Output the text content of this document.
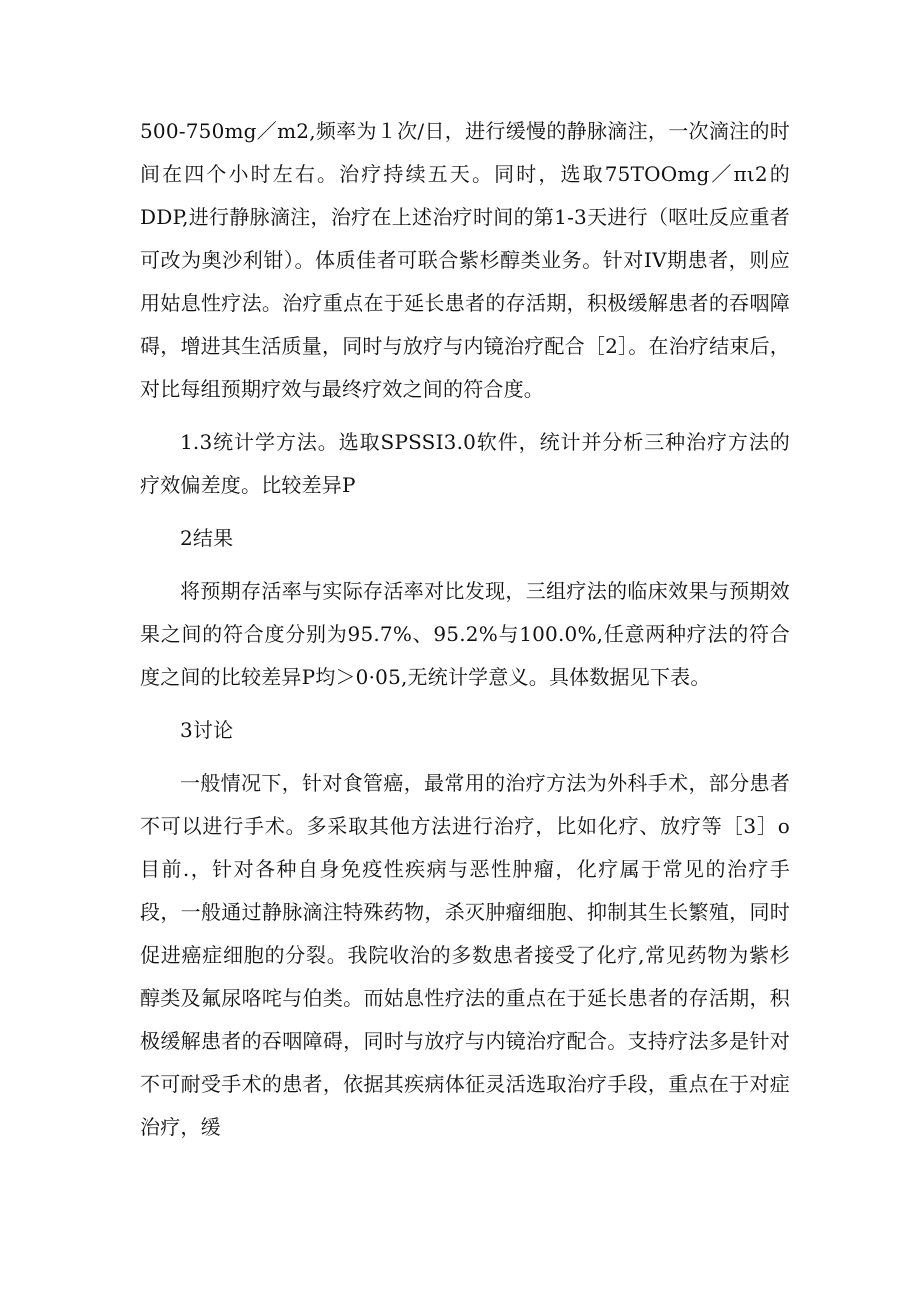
500-750mg／m2,频率为１次/日，进行缓慢的静脉滴注，一次滴注的时间在四个小时左右。治疗持续五天。同时，选取75TOOmg／πι2的DDP,进行静脉滴注，治疗在上述治疗时间的第1-3天进行（呕吐反应重者可改为奥沙利钳）。体质佳者可联合紫杉醇类业务。针对IV期患者，则应用姑息性疗法。治疗重点在于延长患者的存活期，积极缓解患者的吞咽障碍，增进其生活质量，同时与放疗与内镜治疗配合［2］。在治疗结束后，对比每组预期疗效与最终疗效之间的符合度。

1.3统计学方法。选取SPSSI3.0软件，统计并分析三种治疗方法的疗效偏差度。比较差异P

2结果

将预期存活率与实际存活率对比发现，三组疗法的临床效果与预期效果之间的符合度分别为95.7%、95.2%与100.0%,任意两种疗法的符合度之间的比较差异P均＞0·05,无统计学意义。具体数据见下表。

3讨论

一般情况下，针对食管癌，最常用的治疗方法为外科手术，部分患者不可以进行手术。多采取其他方法进行治疗，比如化疗、放疗等［3］o目前.，针对各种自身免疫性疾病与恶性肿瘤，化疗属于常见的治疗手段，一般通过静脉滴注特殊药物，杀灭肿瘤细胞、抑制其生长繁殖，同时促进癌症细胞的分裂。我院收治的多数患者接受了化疗,常见药物为紫杉醇类及氟尿咯咤与伯类。而姑息性疗法的重点在于延长患者的存活期，积极缓解患者的吞咽障碍，同时与放疗与内镜治疗配合。支持疗法多是针对不可耐受手术的患者，依据其疾病体征灵活选取治疗手段，重点在于对症治疗，缓
